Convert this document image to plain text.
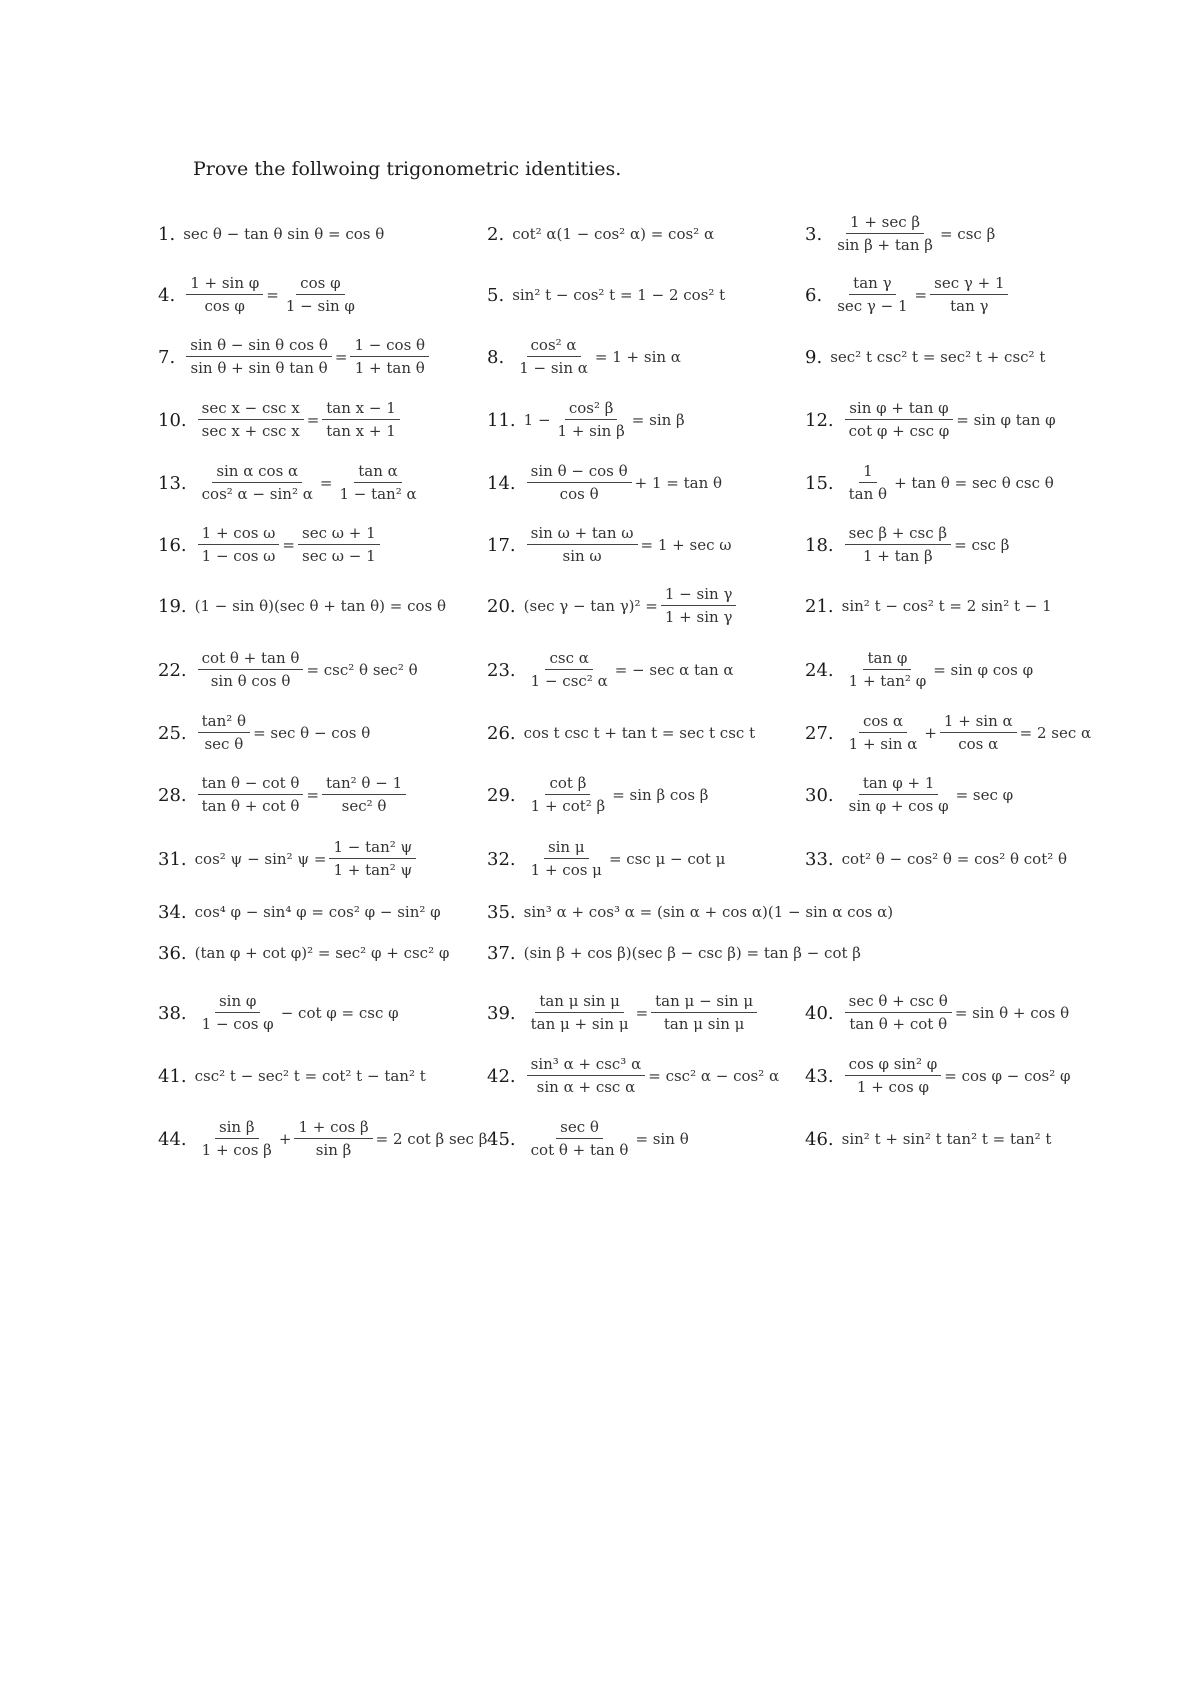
Prove the follwoing trigonometric identities.
1. sec θ − tan θ sin θ = cos θ	2. cot² α(1 − cos² α) = cos² α	3. $\frac{\text{1 + sec β}}{\text{sin β + tan β}} = \csc \beta$
4. $\frac{\text{1 + sin φ}}{\text{cos φ}} = \frac{\text{cos φ}}{\text{1 − sin φ}}$	5. sin² t − cos² t = 1 − 2 cos² t	6. $\frac{\text{tan γ}}{\text{sec γ − 1}} = \frac{\text{sec γ + 1}}{\text{tan γ}}$
7. $\frac{\text{sin θ − sin θ cos θ}}{\text{sin θ + sin θ tan θ}} = \frac{\text{1 − cos θ}}{\text{1 + tan θ}}$	8. $\frac{\text{cos² α}}{\text{1 − sin α}} = 1 + \sin \alpha$	9. sec² t csc² t = sec² t + csc² t
10. $\frac{\text{sec x − csc x}}{\text{sec x + csc x}} = \frac{\text{tan x − 1}}{\text{tan x + 1}}$	11. $1 - \frac{\text{cos² β}}{\text{1 + sin β}} = \sin \beta$	12. $\frac{\text{sin φ + tan φ}}{\text{cot φ + csc φ}} = \sin \varphi$ tan φ
13. $\frac{\text{sin α cos α}}{\text{cos² α − sin² α}} = \frac{\text{tan α}}{\text{1 − tan² α}}$	14. $\frac{\text{sin θ − cos θ}}{\text{cos θ}} + 1 = \tan \theta$	15. $\frac{1}{\text{tan θ}} + \tan \theta = \sec \theta$ csc θ
16. $\frac{\text{1 + cos ω}}{\text{1 − cos ω}} = \frac{\text{sec ω + 1}}{\text{sec ω − 1}}$	17. $\frac{\text{sin ω + tan ω}}{\text{sin ω}} = 1 + \sec \omega$	18. $\frac{\text{sec β + csc β}}{\text{1 + tan β}} = \csc \beta$
19. (1 − sin θ)(sec θ + tan θ) = cos θ 20. (sec $\gamma - \tan \gamma)^2 = \frac{\text{1 − sin γ}}{\text{1 + sin γ}}$	21. sin² t − cos² t = 2 sin² t − 1
22. $\frac{\text{cot θ + tan θ}}{\text{sin θ cos θ}} = \csc^2$ θ sec² θ	23. $\frac{\text{csc α}}{\text{1 − csc² α}}$ = − sec α tan α	24. $\frac{\text{tan φ}}{\text{1 + tan² φ}} = \sin \varphi$ cos φ
25. $\frac{\text{tan² θ}}{\text{sec θ}} = \sec \theta - \cos \theta$	26. cos t csc t + tan t = sec t csc t	27. $\frac{\text{cos α}}{\text{1 + sin α}} + \frac{\text{1 + sin α}}{\text{cos α}} = 2$ sec α
28. $\frac{\text{tan θ − cot θ}}{\text{tan θ + cot θ}} = \frac{\text{tan² θ − 1}}{\text{sec² θ}}$	29. $\frac{\text{cot β}}{\text{1 + cot² β}} = \sin \beta$ cos β	30. $\frac{\text{tan φ + 1}}{\text{sin φ + cos φ}} = \sec \varphi$
31. cos² ψ − sin² $\psi = \frac{\text{1 − tan² ψ}}{\text{1 + tan² ψ}}$	32. $\frac{\text{sin μ}}{\text{1 + cos μ}} = \csc \mu - \cot \mu$	33. cot² θ − cos² θ = cos² θ cot² θ
34. cos⁴ φ − sin⁴ φ = cos² φ − sin² φ	35. sin³ α + cos³ α = (sin α + cos α)(1 − sin α cos α)
36. (tan φ + cot φ)² = sec² φ + csc² φ 37. (sin β + cos β)(sec β − csc β) = tan β − cot β
38. $\frac{\text{sin φ}}{\text{1 − cos φ}} - \cot \varphi = \csc \varphi$	39. $\frac{\text{tan μ sin μ}}{\text{tan μ + sin μ}} = \frac{\text{tan μ − sin μ}}{\text{tan μ sin μ}}$	40. $\frac{\text{sec θ + csc θ}}{\text{tan θ + cot θ}} = \sin \theta + \cos \theta$
41. csc² t − sec² t = cot² t − tan² t	42. $\frac{\text{sin³ α + csc³ α}}{\text{sin α + csc α}} = \csc^2$ α − cos² α 43. $\frac{\text{cos φ sin² φ}}{\text{1 + cos φ}} = \cos \varphi - \cos^2$ φ
44. $\frac{\text{sin β}}{\text{1 + cos β}} + \frac{\text{1 + cos β}}{\text{sin β}} = 2$ cot β sec β 45. $\frac{\text{sec θ}}{\text{cot θ + tan θ}} = \sin \theta$	46. sin² t + sin² t tan² t = tan² t
